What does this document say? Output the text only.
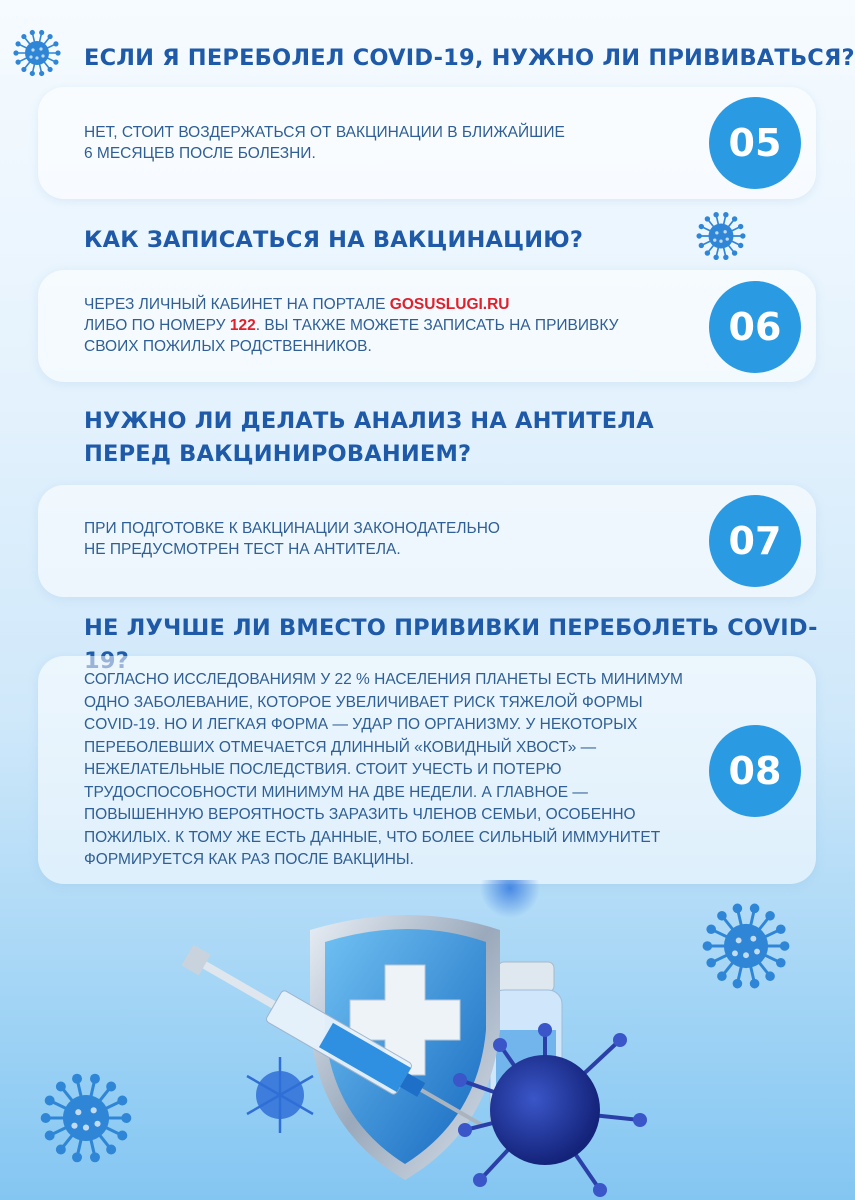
ЕСЛИ Я ПЕРЕБОЛЕЛ COVID-19, НУЖНО ЛИ ПРИВИВАТЬСЯ?

НЕТ, СТОИТ ВОЗДЕРЖАТЬСЯ ОТ ВАКЦИНАЦИИ В БЛИЖАЙШИЕ
6 МЕСЯЦЕВ ПОСЛЕ БОЛЕЗНИ.	05
КАК ЗАПИСАТЬСЯ НА ВАКЦИНАЦИЮ?

ЧЕРЕЗ ЛИЧНЫЙ КАБИНЕТ НА ПОРТАЛЕ GOSUSLUGI.RU
ЛИБО ПО НОМЕРУ 122. ВЫ ТАКЖЕ МОЖЕТЕ ЗАПИСАТЬ НА ПРИВИВКУ
СВОИХ ПОЖИЛЫХ РОДСТВЕННИКОВ.	06
НУЖНО ЛИ ДЕЛАТЬ АНАЛИЗ НА АНТИТЕЛА
ПЕРЕД ВАКЦИНИРОВАНИЕМ?

ПРИ ПОДГОТОВКЕ К ВАКЦИНАЦИИ ЗАКОНОДАТЕЛЬНО
НЕ ПРЕДУСМОТРЕН ТЕСТ НА АНТИТЕЛА.	07
НЕ ЛУЧШЕ ЛИ ВМЕСТО ПРИВИВКИ ПЕРЕБОЛЕТЬ COVID-

СОГЛАСНО ИССЛЕДОВАНИЯМ У 22 % НАСЕЛЕНИЯ ПЛАНЕТЫ ЕСТЬ МИНИМУМ
ОДНО ЗАБОЛЕВАНИЕ, КОТОРОЕ УВЕЛИЧИВАЕТ РИСК ТЯЖЕЛОЙ ФОРМЫ
COVID-19. НО И ЛЕГКАЯ ФОРМА — УДАР ПО ОРГАНИЗМУ. У НЕКОТОРЫХ
ПЕРЕБОЛЕВШИХ ОТМЕЧАЕТСЯ ДЛИННЫЙ «КОВИДНЫЙ ХВОСТ» —
НЕЖЕЛАТЕЛЬНЫЕ ПОСЛЕДСТВИЯ. СТОИТ УЧЕСТЬ И ПОТЕРЮ
ТРУДОСПОСОБНОСТИ МИНИМУМ НА ДВЕ НЕДЕЛИ. А ГЛАВНОЕ —
ПОВЫШЕННУЮ ВЕРОЯТНОСТЬ ЗАРАЗИТЬ ЧЛЕНОВ СЕМЬИ, ОСОБЕННО
ПОЖИЛЫХ. К ТОМУ ЖЕ ЕСТЬ ДАННЫЕ, ЧТО БОЛЕЕ СИЛЬНЫЙ ИММУНИТЕТ
ФОРМИРУЕТСЯ КАК РАЗ ПОСЛЕ ВАКЦИНЫ.

08
